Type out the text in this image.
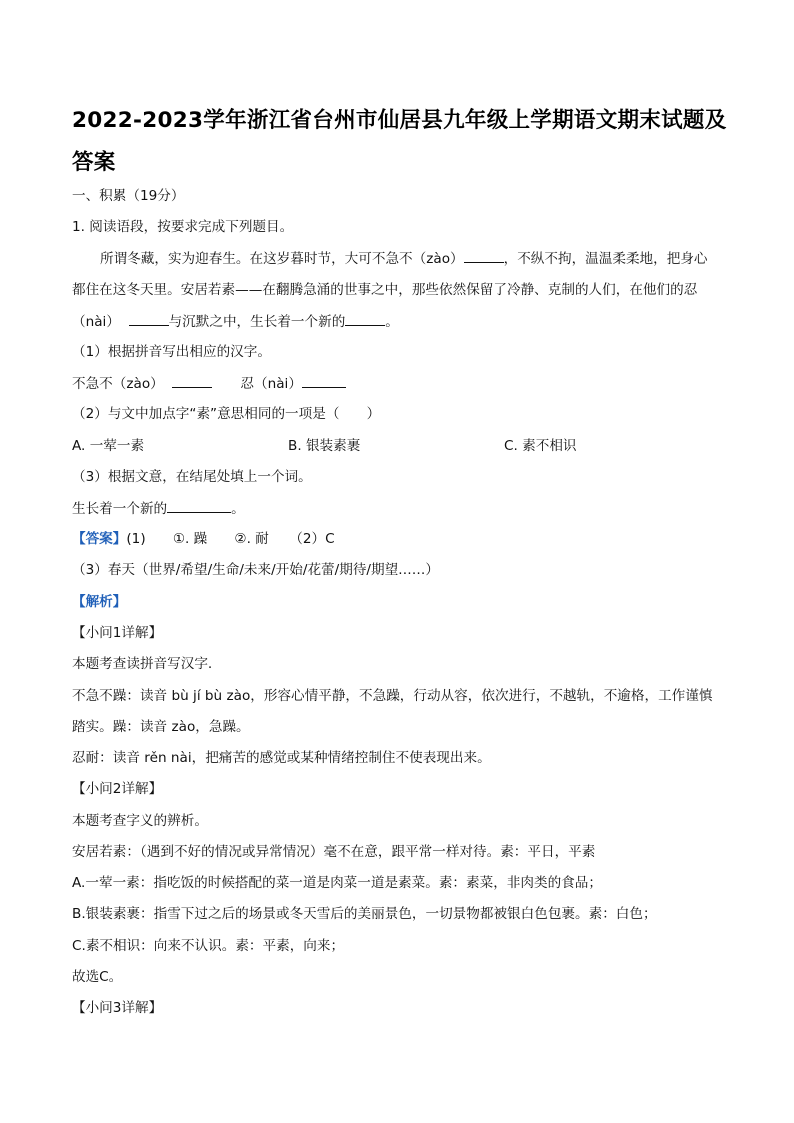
2022-2023学年浙江省台州市仙居县九年级上学期语文期末试题及答案
一、积累（19分）
1. 阅读语段，按要求完成下列题目。
所谓冬藏，实为迎春生。在这岁暮时节，大可不急不（zào）	，不纵不拘，温温柔柔地，把身心
都住在这冬天里。安居若素——在翻腾急涌的世事之中，那些依然保留了冷静、克制的人们，在他们的忍
（nài）	与沉默之中，生长着一个新的	。
（1）根据拼音写出相应的汉字。
不急不（zào）	忍（nài）
（2）与文中加点字“素”意思相同的一项是（　　）
A. 一荤一素	B. 银装素裹	C. 素不相识
（3）根据文意，在结尾处填上一个词。
生长着一个新的	。
【答案】(1)　　①. 躁　　②. 耐　　（2）C
（3）春天（世界/希望/生命/未来/开始/花蕾/期待/期望……）
【解析】
【小问1详解】
本题考查读拼音写汉字.
不急不躁：读音 bù jí bù zào，形容心情平静，不急躁，行动从容，依次进行，不越轨，不逾格，工作谨慎
踏实。躁：读音 zào，急躁。
忍耐：读音 rěn nài，把痛苦的感觉或某种情绪控制住不使表现出来。
【小问2详解】
本题考查字义的辨析。
安居若素：（遇到不好的情况或异常情况）毫不在意，跟平常一样对待。素：平日，平素
A.一荤一素：指吃饭的时候搭配的菜一道是肉菜一道是素菜。素：素菜，非肉类的食品；
B.银装素裹：指雪下过之后的场景或冬天雪后的美丽景色，一切景物都被银白色包裹。素：白色；
C.素不相识：向来不认识。素：平素，向来；
故选C。
【小问3详解】
